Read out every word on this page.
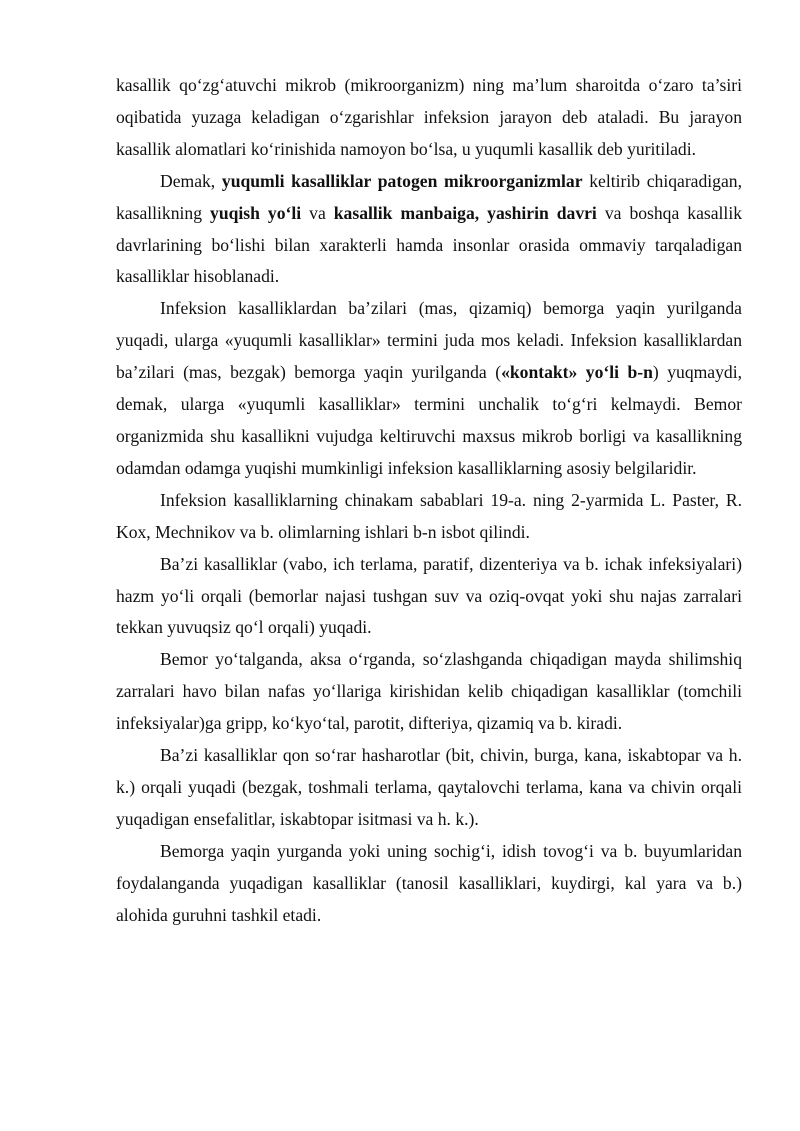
kasallik qo‘zg‘atuvchi mikrob (mikroorganizm) ning ma’lum sharoitda o‘zaro ta’siri oqibatida yuzaga keladigan o‘zgarishlar infeksion jarayon deb ataladi. Bu jarayon kasallik alomatlari ko‘rinishida namoyon bo‘lsa, u yuqumli kasallik deb yuritiladi.

Demak, yuqumli kasalliklar patogen mikroorganizmlar keltirib chiqaradigan, kasallikning yuqish yo‘li va kasallik manbaiga, yashirin davri va boshqa kasallik davrlarining bo‘lishi bilan xarakterli hamda insonlar orasida ommaviy tarqaladigan kasalliklar hisoblanadi.

Infeksion kasalliklardan ba’zilari (mas, qizamiq) bemorga yaqin yurilganda yuqadi, ularga «yuqumli kasalliklar» termini juda mos keladi. Infeksion kasalliklardan ba’zilari (mas, bezgak) bemorga yaqin yurilganda («kontakt» yo‘li b-n) yuqmaydi, demak, ularga «yuqumli kasalliklar» termini unchalik to‘g‘ri kelmaydi. Bemor organizmida shu kasallikni vujudga keltiruvchi maxsus mikrob borligi va kasallikning odamdan odamga yuqishi mumkinligi infeksion kasalliklarning asosiy belgilaridir.

Infeksion kasalliklarning chinakam sabablari 19-a. ning 2-yarmida L. Paster, R. Kox, Mechnikov va b. olimlarning ishlari b-n isbot qilindi.

Ba’zi kasalliklar (vabo, ich terlama, paratif, dizenteriya va b. ichak infeksiyalari) hazm yo‘li orqali (bemorlar najasi tushgan suv va oziq-ovqat yoki shu najas zarralari tekkan yuvuqsiz qo‘l orqali) yuqadi.

Bemor yo‘talganda, aksa o‘rganda, so‘zlashganda chiqadigan mayda shilimshiq zarralari havo bilan nafas yo‘llariga kirishidan kelib chiqadigan kasalliklar (tomchili infeksiyalar)ga gripp, ko‘kyo‘tal, parotit, difteriya, qizamiq va b. kiradi.

Ba’zi kasalliklar qon so‘rar hasharotlar (bit, chivin, burga, kana, iskabtopar va h. k.) orqali yuqadi (bezgak, toshmali terlama, qaytalovchi terlama, kana va chivin orqali yuqadigan ensefalitlar, iskabtopar isitmasi va h. k.).

Bemorga yaqin yurganda yoki uning sochig‘i, idish tovog‘i va b. buyumlaridan foydalanganda yuqadigan kasalliklar (tanosil kasalliklari, kuydirgi, kal yara va b.) alohida guruhni tashkil etadi.
